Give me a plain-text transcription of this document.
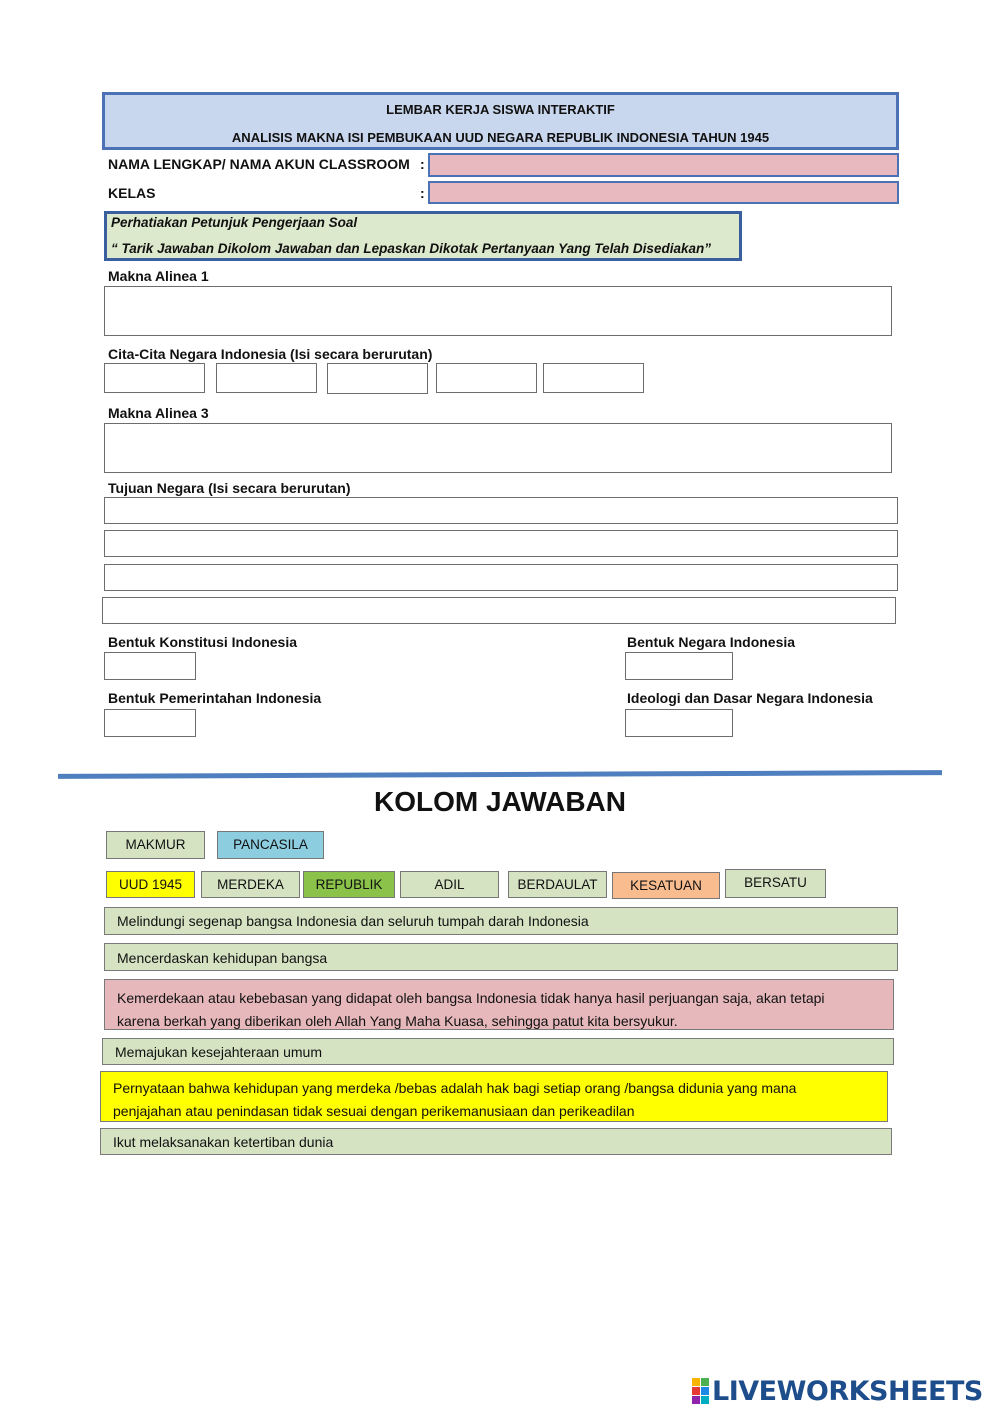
LEMBAR KERJA SISWA INTERAKTIF
ANALISIS MAKNA ISI PEMBUKAAN UUD NEGARA REPUBLIK INDONESIA TAHUN 1945
NAMA LENGKAP/ NAMA AKUN CLASSROOM :
KELAS	:
Perhatiakan Petunjuk Pengerjaan Soal
“ Tarik Jawaban Dikolom Jawaban dan Lepaskan Dikotak Pertanyaan Yang Telah Disediakan”
Makna Alinea 1
Cita-Cita Negara Indonesia (Isi secara berurutan)
Makna Alinea 3
Tujuan Negara (Isi secara berurutan)
Bentuk Konstitusi Indonesia	Bentuk Negara Indonesia
Bentuk Pemerintahan Indonesia	Ideologi dan Dasar Negara Indonesia
KOLOM JAWABAN
MAKMUR	PANCASILA
UUD 1945	MERDEKA	REPUBLIK	ADIL	BERDAULAT	KESATUAN	BERSATU
Melindungi segenap bangsa Indonesia dan seluruh tumpah darah Indonesia
Mencerdaskan kehidupan bangsa
Kemerdekaan atau kebebasan yang didapat oleh bangsa Indonesia tidak hanya hasil perjuangan saja, akan tetapi
karena berkah yang diberikan oleh Allah Yang Maha Kuasa, sehingga patut kita bersyukur.
Memajukan kesejahteraan umum
Pernyataan bahwa kehidupan yang merdeka /bebas adalah hak bagi setiap orang /bangsa didunia yang mana
penjajahan atau penindasan tidak sesuai dengan perikemanusiaan dan perikeadilan
Ikut melaksanakan ketertiban dunia
LIVEWORKSHEETS
